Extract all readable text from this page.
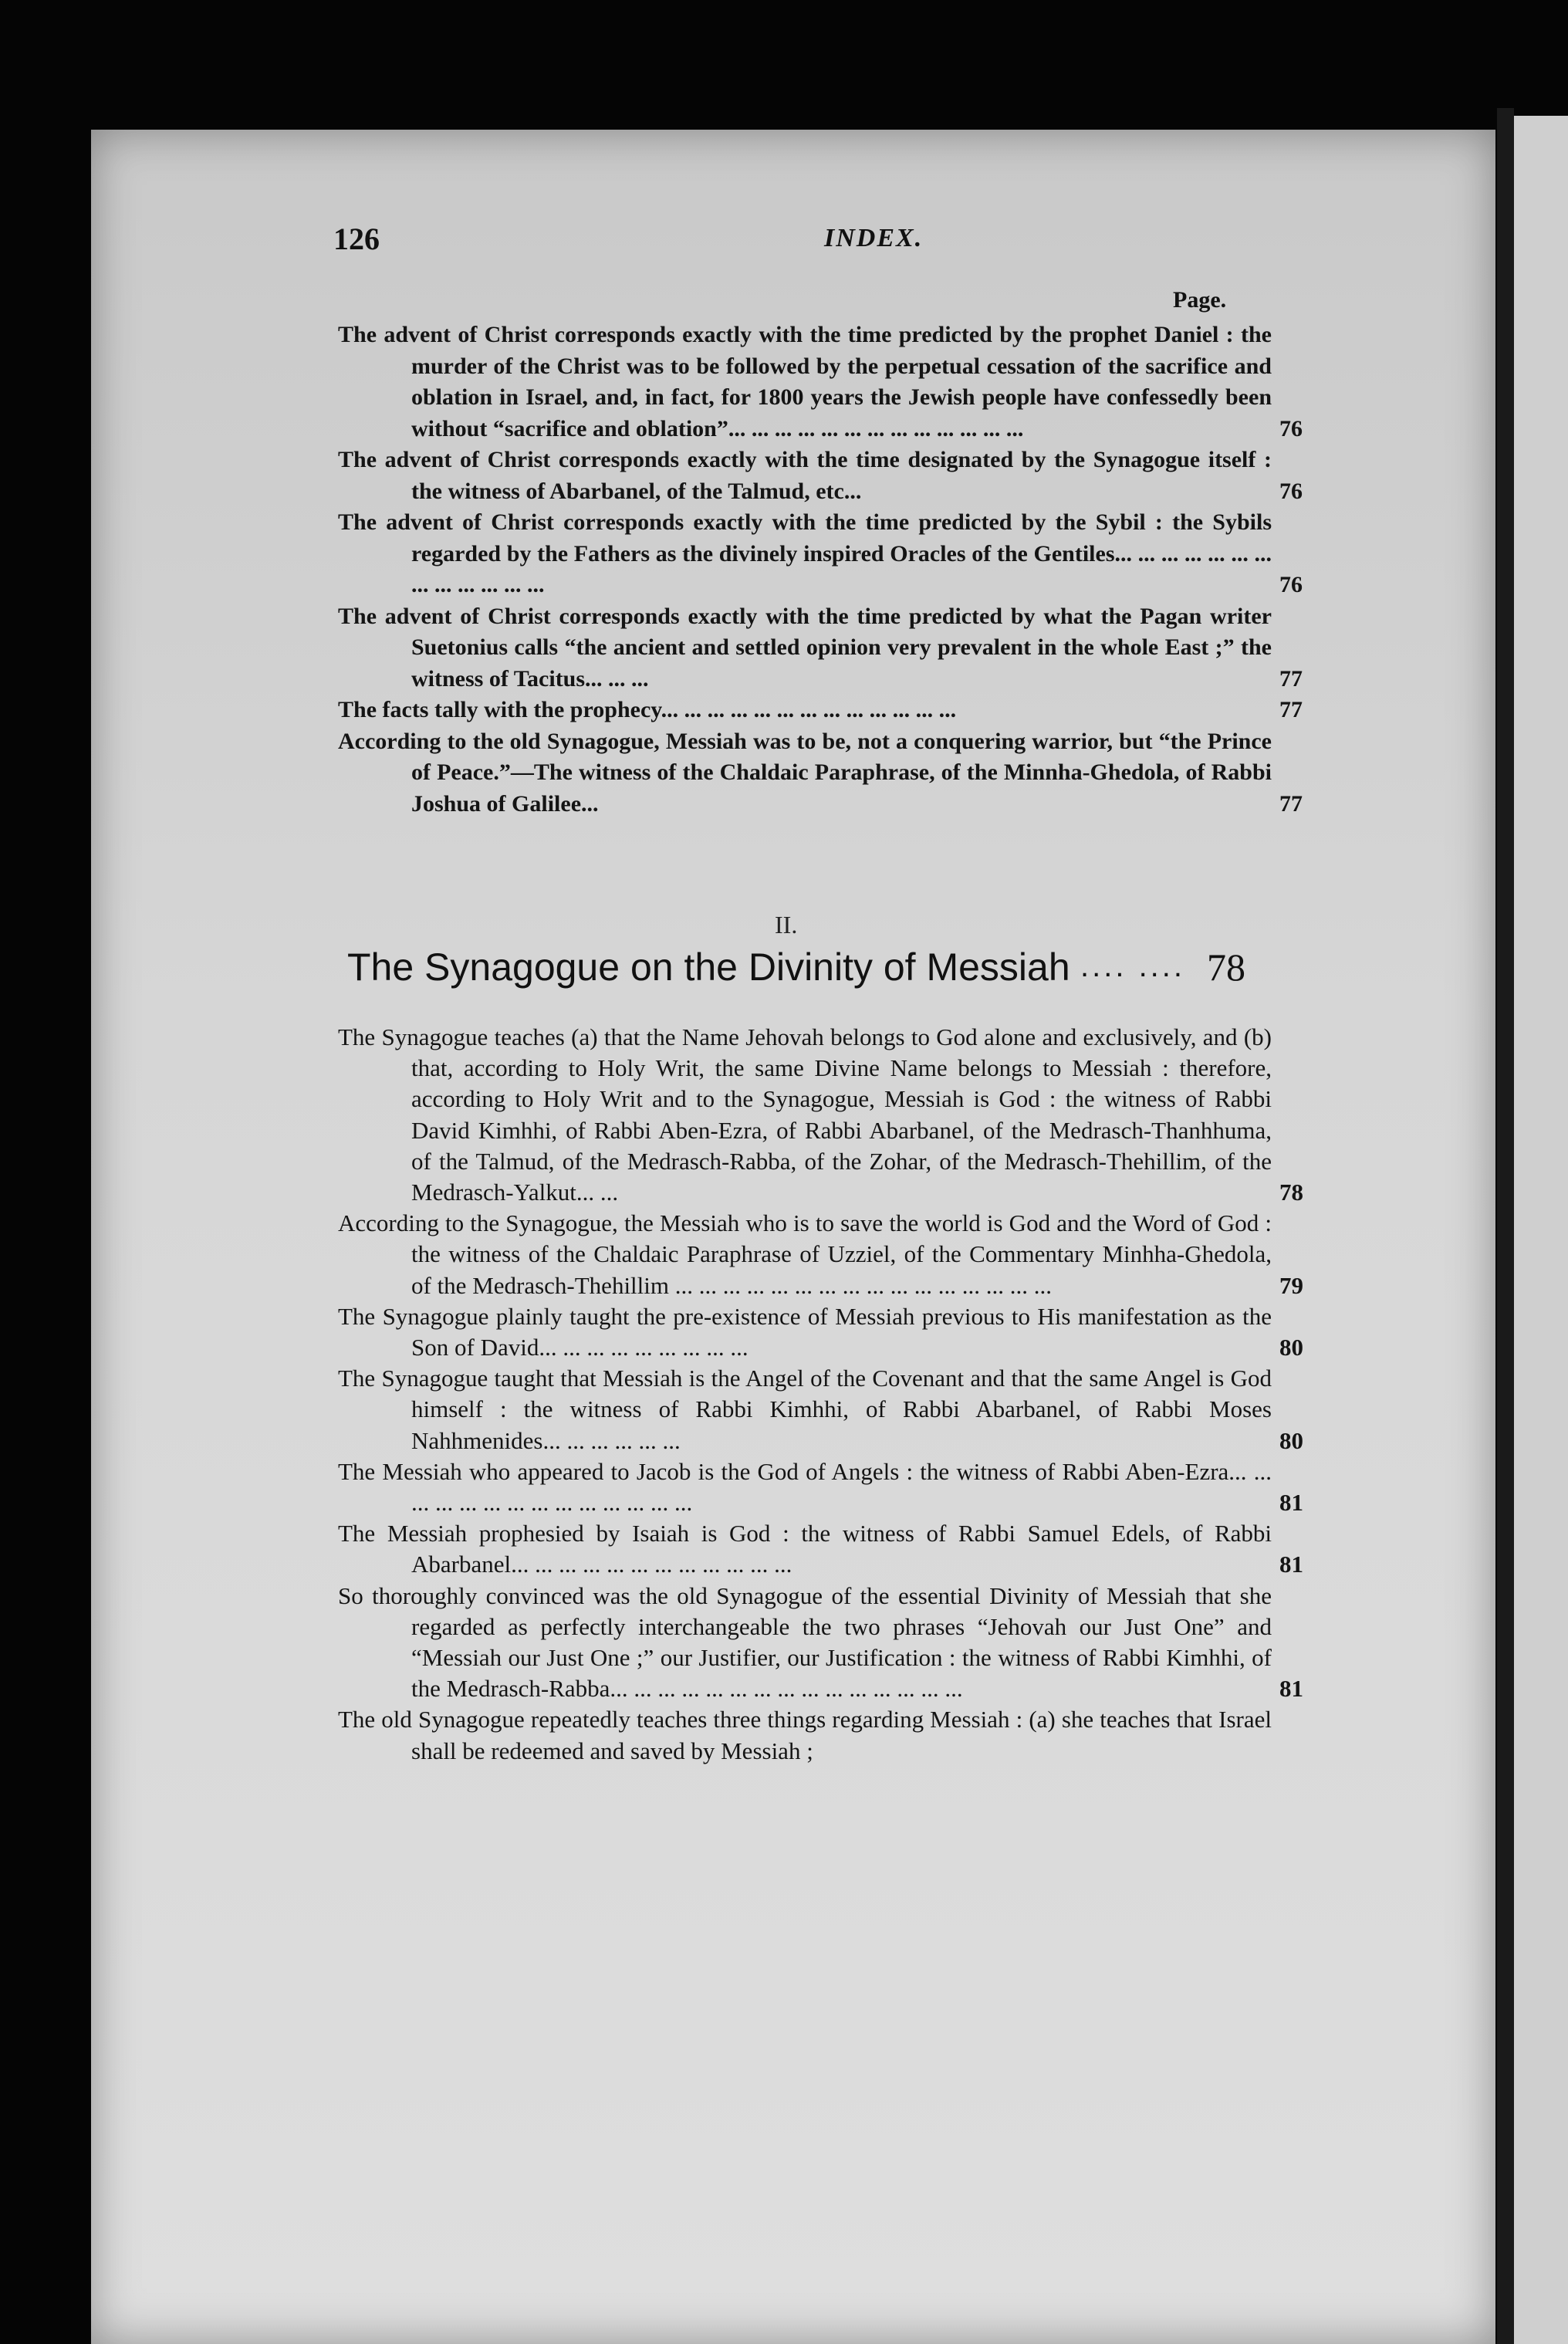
126	INDEX.
Page.
The advent of Christ corresponds exactly with the time predicted by the prophet Daniel : the murder of the Christ was to be followed by the perpetual cessation of the sacrifice and oblation in Israel, and, in fact, for 1800 years the Jewish people have confessedly been without “sacrifice and oblation”... ... ... ... ... ... ... ... ... ... ... ... ...	76
The advent of Christ corresponds exactly with the time designated by the Synagogue itself : the witness of Abarbanel, of the Talmud, etc...	76
The advent of Christ corresponds exactly with the time predicted by the Sybil : the Sybils regarded by the Fathers as the divinely inspired Oracles of the Gentiles... ... ... ... ... ... ... ... ... ... ... ... ...	76
The advent of Christ corresponds exactly with the time predicted by what the Pagan writer Suetonius calls “the ancient and settled opinion very prevalent in the whole East ;” the witness of Tacitus... ... ...	77
The facts tally with the prophecy... ... ... ... ... ... ... ... ... ... ... ... ...	77
According to the old Synagogue, Messiah was to be, not a conquering warrior, but “the Prince of Peace.”—The witness of the Chaldaic Paraphrase, of the Minnha-Ghedola, of Rabbi Joshua of Galilee...	77
II.
The Synagogue on the Divinity of Messiah .... .... 78
The Synagogue teaches (a) that the Name Jehovah belongs to God alone and exclusively, and (b) that, according to Holy Writ, the same Divine Name belongs to Messiah : therefore, according to Holy Writ and to the Synagogue, Messiah is God : the witness of Rabbi David Kimhhi, of Rabbi Aben-Ezra, of Rabbi Abarbanel, of the Medrasch-Thanhhuma, of the Talmud, of the Medrasch-Rabba, of the Zohar, of the Medrasch-Thehillim, of the Medrasch-Yalkut... ...	78
According to the Synagogue, the Messiah who is to save the world is God and the Word of God : the witness of the Chaldaic Paraphrase of Uzziel, of the Commentary Minhha-Ghedola, of the Medrasch-Thehillim ... ... ... ... ... ... ... ... ... ... ... ... ... ... ... ...	79
The Synagogue plainly taught the pre-existence of Messiah previous to His manifestation as the Son of David... ... ... ... ... ... ... ... ...	80
The Synagogue taught that Messiah is the Angel of the Covenant and that the same Angel is God himself : the witness of Rabbi Kimhhi, of Rabbi Abarbanel, of Rabbi Moses Nahhmenides... ... ... ... ... ...	80
The Messiah who appeared to Jacob is the God of Angels : the witness of Rabbi Aben-Ezra... ... ... ... ... ... ... ... ... ... ... ... ... ...	81
The Messiah prophesied by Isaiah is God : the witness of Rabbi Samuel Edels, of Rabbi Abarbanel... ... ... ... ... ... ... ... ... ... ... ...	81
So thoroughly convinced was the old Synagogue of the essential Divinity of Messiah that she regarded as perfectly interchangeable the two phrases “Jehovah our Just One” and “Messiah our Just One ;” our Justifier, our Justification : the witness of Rabbi Kimhhi, of the Medrasch-Rabba... ... ... ... ... ... ... ... ... ... ... ... ... ... ...	81
The old Synagogue repeatedly teaches three things regarding Messiah : (a) she teaches that Israel shall be redeemed and saved by Messiah ;
